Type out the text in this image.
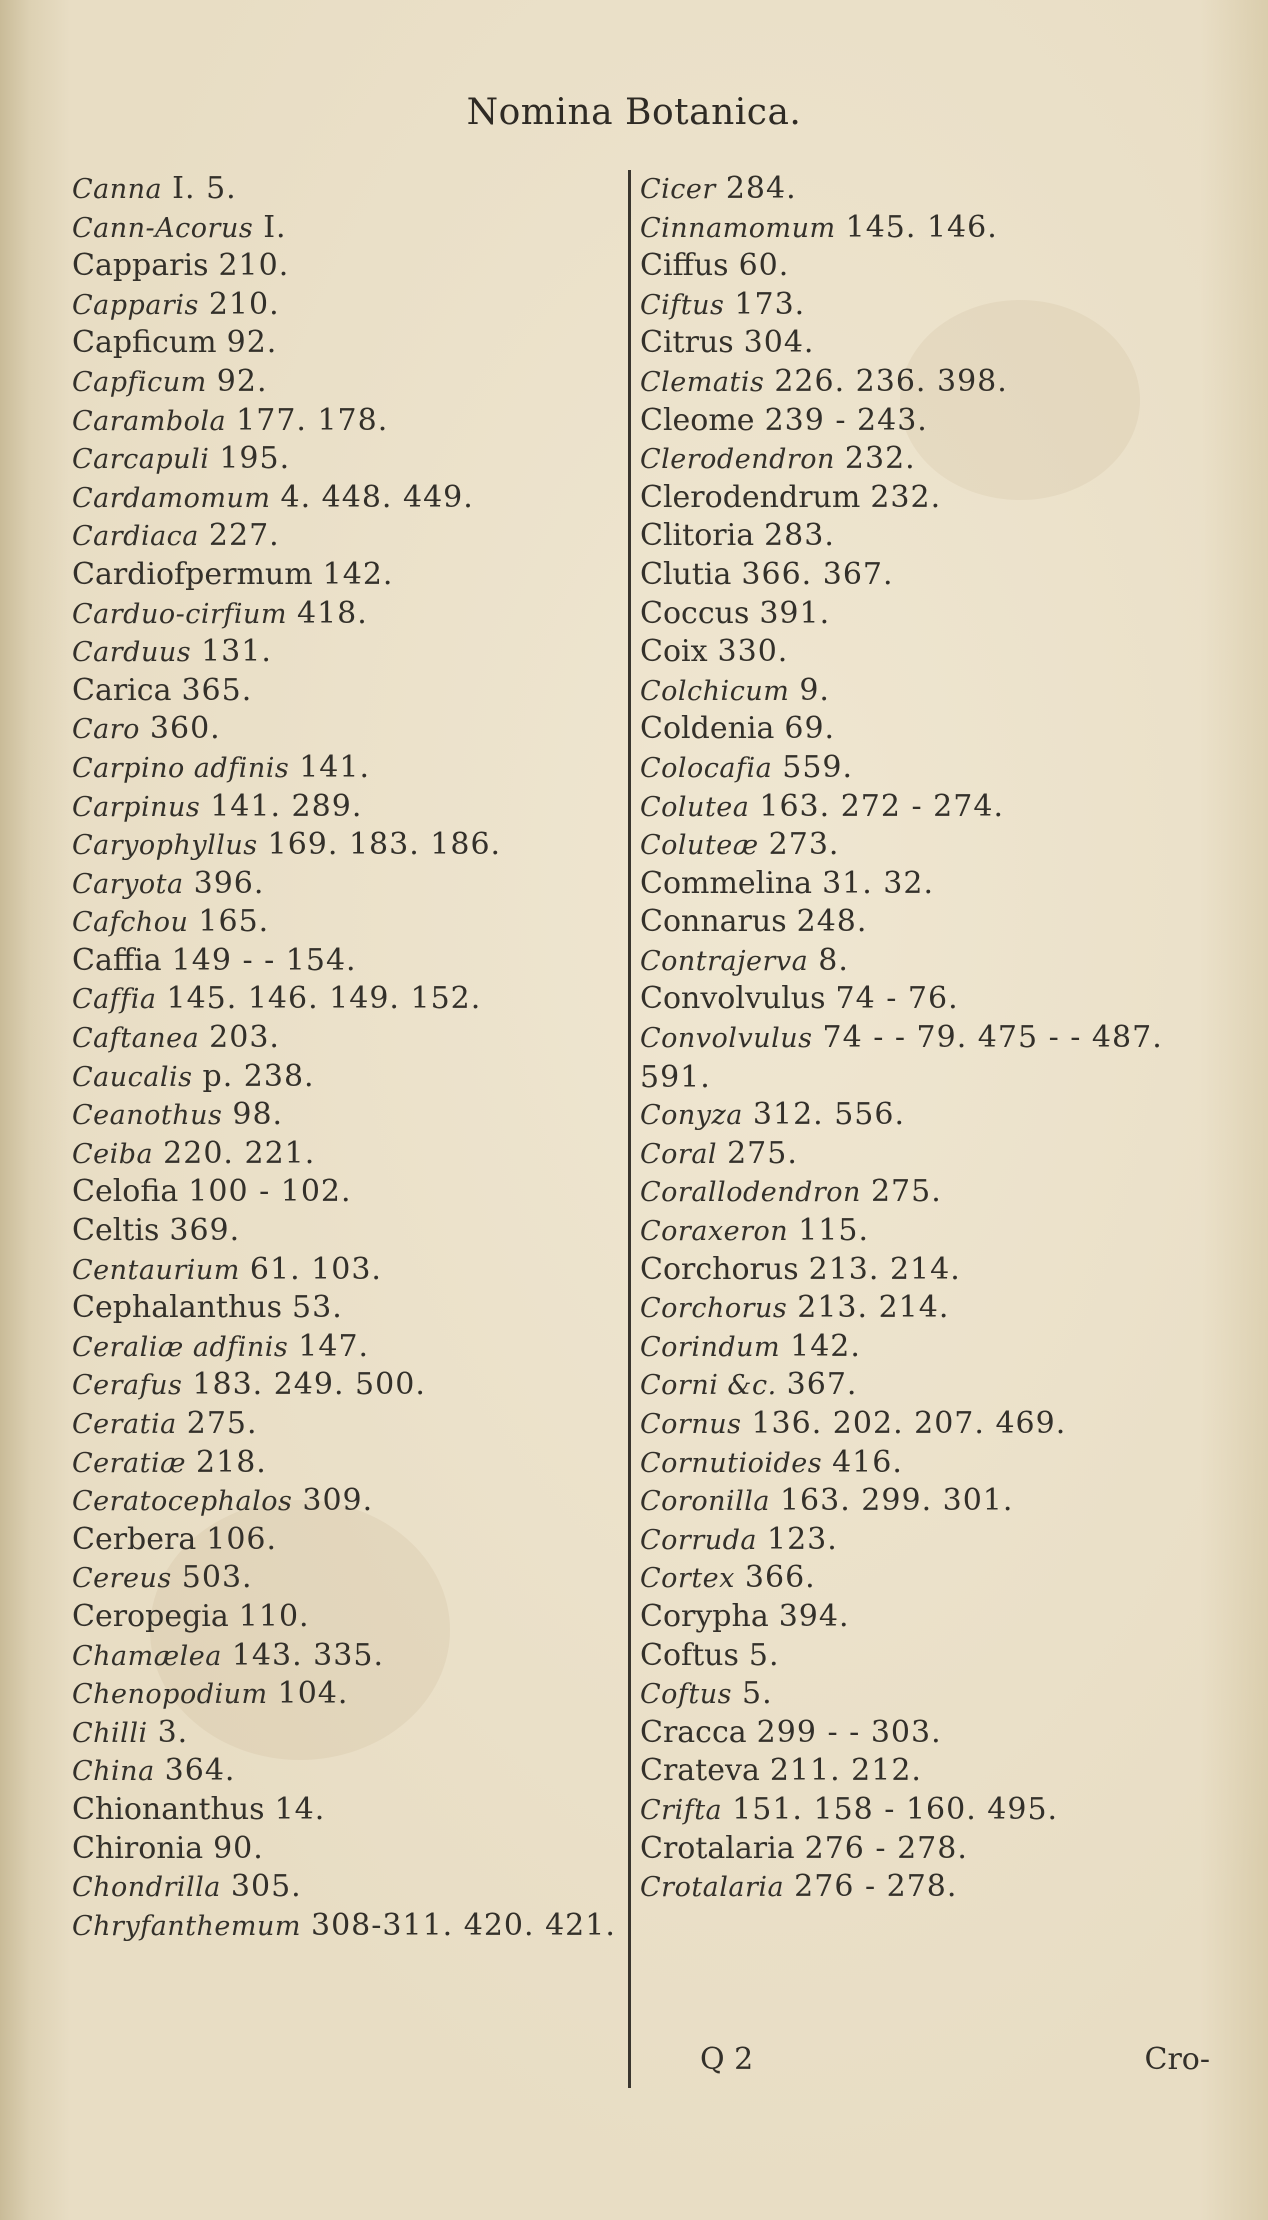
Nomina Botanica.
Canna I. 5.
Cann-Acorus I.
Capparis 210.
Capparis 210.
Capficum 92.
Capficum 92.
Carambola 177. 178.
Carcapuli 195.
Cardamomum 4. 448. 449.
Cardiaca 227.
Cardiofpermum 142.
Carduo-cirfium 418.
Carduus 131.
Carica 365.
Caro 360.
Carpino adfinis 141.
Carpinus 141. 289.
Caryophyllus 169. 183. 186.
Caryota 396.
Cafchou 165.
Caffia 149 - - 154.
Caffia 145. 146. 149. 152.
Caftanea 203.
Caucalis p. 238.
Ceanothus 98.
Ceiba 220. 221.
Celofia 100 - 102.
Celtis 369.
Centaurium 61. 103.
Cephalanthus 53.
Ceraliæ adfinis 147.
Cerafus 183. 249. 500.
Ceratia 275.
Ceratiæ 218.
Ceratocephalos 309.
Cerbera 106.
Cereus 503.
Ceropegia 110.
Chamælea 143. 335.
Chenopodium 104.
Chilli 3.
China 364.
Chionanthus 14.
Chironia 90.
Chondrilla 305.
Chryfanthemum 308-311. 420. 421.
Cicer 284.
Cinnamomum 145. 146.
Ciffus 60.
Ciftus 173.
Citrus 304.
Clematis 226. 236. 398.
Cleome 239 - 243.
Clerodendron 232.
Clerodendrum 232.
Clitoria 283.
Clutia 366. 367.
Coccus 391.
Coix 330.
Colchicum 9.
Coldenia 69.
Colocafia 559.
Colutea 163. 272 - 274.
Coluteæ 273.
Commelina 31. 32.
Connarus 248.
Contrajerva 8.
Convolvulus 74 - 76.
Convolvulus 74 - - 79. 475 - - 487. 591.
Conyza 312. 556.
Coral 275.
Corallodendron 275.
Coraxeron 115.
Corchorus 213. 214.
Corchorus 213. 214.
Corindum 142.
Corni &c. 367.
Cornus 136. 202. 207. 469.
Cornutioides 416.
Coronilla 163. 299. 301.
Corruda 123.
Cortex 366.
Corypha 394.
Coftus 5.
Coftus 5.
Cracca 299 - - 303.
Crateva 211. 212.
Crifta 151. 158 - 160. 495.
Crotalaria 276 - 278.
Crotalaria 276 - 278.
Q 2	Cro-
